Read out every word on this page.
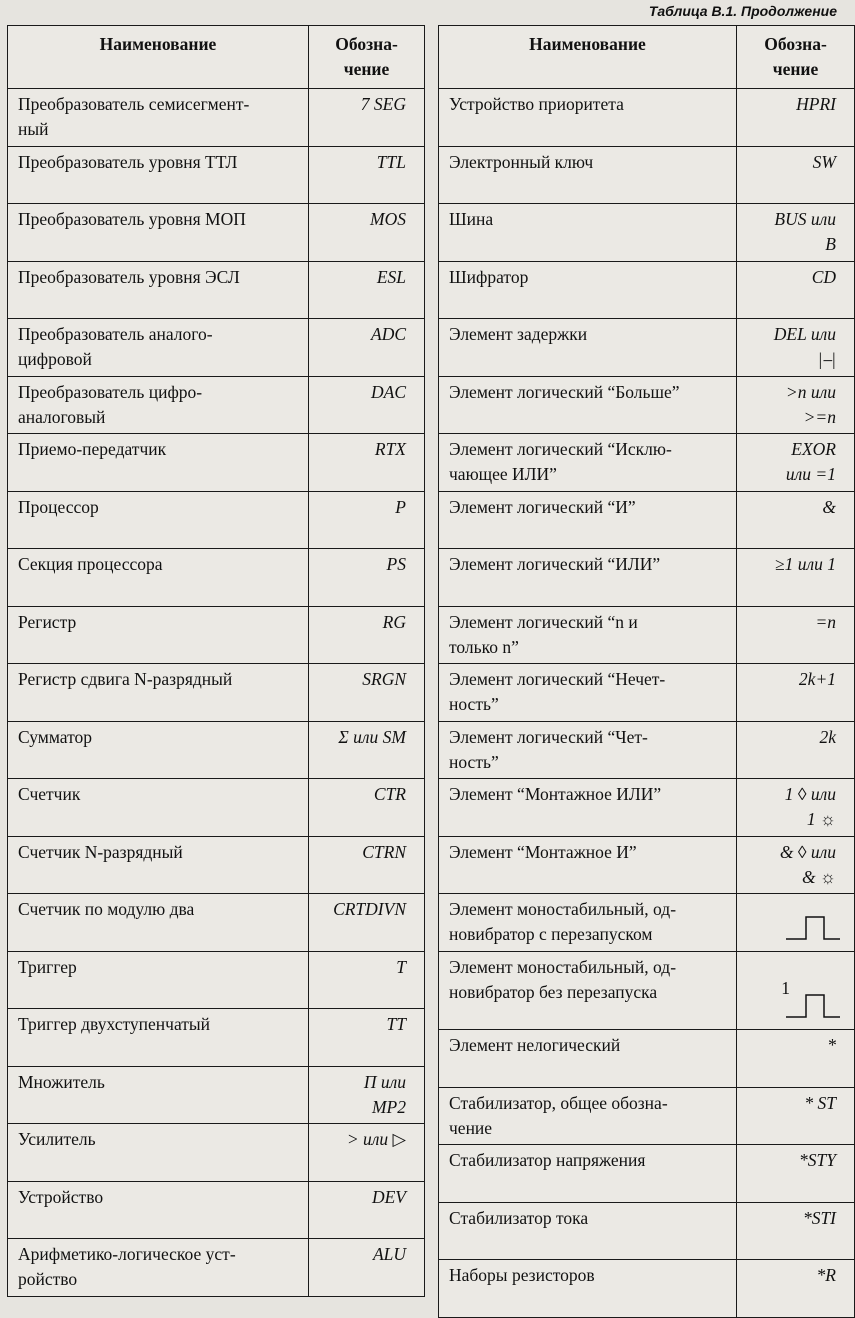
Таблица В.1. Продолжение
Наименование	Обозна-
чение
Преобразователь семисегмент-
ный	7 SEG
Преобразователь уровня ТТЛ	TTL
Преобразователь уровня МОП	MOS
Преобразователь уровня ЭСЛ	ESL
Преобразователь аналого-
цифровой	ADC
Преобразователь цифро-
аналоговый	DAC
Приемо-передатчик	RTX
Процессор	P
Секция процессора	PS
Регистр	RG
Регистр сдвига N-разрядный	SRGN
Сумматор	Σ или SM
Счетчик	CTR
Счетчик N-разрядный	CTRN
Счетчик по модулю два	CRTDIVN
Триггер	T
Триггер двухступенчатый	TT
Множитель	П или
MP2
Усилитель	> или ▷
Устройство	DEV
Арифметико-логическое уст-
ройство	ALU
Наименование	Обозна-
чение
Устройство приоритета	HPRI
Электронный ключ	SW
Шина	BUS или
B
Шифратор	CD
Элемент задержки	DEL или
|⎯|
Элемент логический “Больше”	>n или
>=n
Элемент логический “Исклю-
чающее ИЛИ”	EXOR
или =1
Элемент логический “И”	&
Элемент логический “ИЛИ”	≥1 или 1
Элемент логический “n и
только n”	=n
Элемент логический “Нечет-
ность”	2k+1
Элемент логический “Чет-
ность”	2k
Элемент “Монтажное ИЛИ”	1 ◊ или
1 ☼
Элемент “Монтажное И”	& ◊ или
& ☼
Элемент моностабильный, од-
новибратор с перезапуском	

Элемент моностабильный, од-
новибратор без перезапуска	1

Элемент нелогический	*
Стабилизатор, общее обозна-
чение	* ST
Стабилизатор напряжения	*STY
Стабилизатор тока	*STI
Наборы резисторов	*R
